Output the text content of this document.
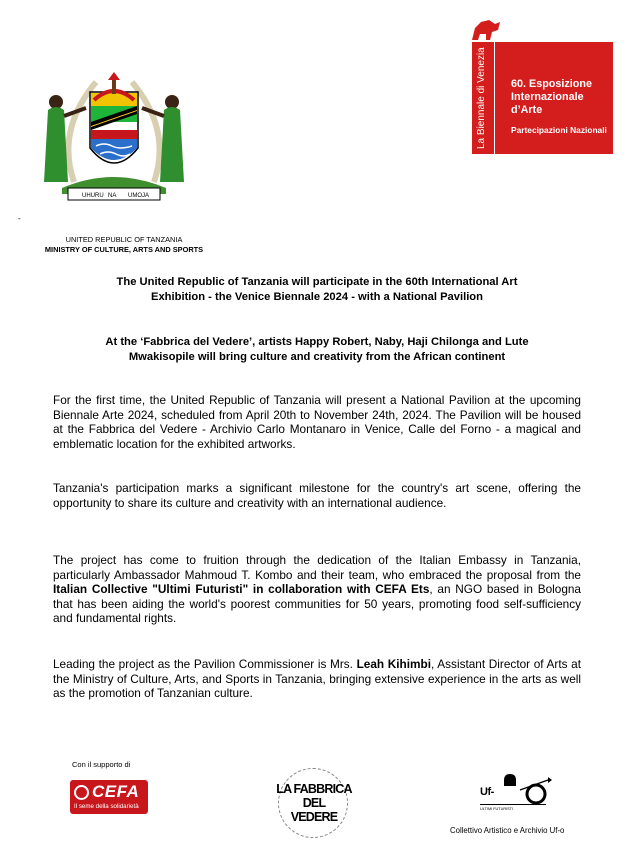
UHURU NA UMOJA
-
UNITED REPUBLIC OF TANZANIA
MINISTRY OF CULTURE, ARTS AND SPORTS
La Biennale di Venezia 60. Esposizione
Internazionale
d’Arte
Partecipazioni Nazionali
The United Republic of Tanzania will participate in the 60th International Art
Exhibition - the Venice Biennale 2024 - with a National Pavilion
At the ‘Fabbrica del Vedere’, artists Happy Robert, Naby, Haji Chilonga and Lute
Mwakisopile will bring culture and creativity from the African continent
For the first time, the United Republic of Tanzania will present a National Pavilion at the upcoming Biennale Arte 2024, scheduled from April 20th to November 24th, 2024. The Pavilion will be housed at the Fabbrica del Vedere - Archivio Carlo Montanaro in Venice, Calle del Forno - a magical and emblematic location for the exhibited artworks.
Tanzania's participation marks a significant milestone for the country's art scene, offering the opportunity to share its culture and creativity with an international audience.
The project has come to fruition through the dedication of the Italian Embassy in Tanzania, particularly Ambassador Mahmoud T. Kombo and their team, who embraced the proposal from the Italian Collective "Ultimi Futuristi" in collaboration with CEFA Ets, an NGO based in Bologna that has been aiding the world's poorest communities for 50 years, promoting food self-sufficiency and fundamental rights.
Leading the project as the Pavilion Commissioner is Mrs. Leah Kihimbi, Assistant Director of Arts at the Ministry of Culture, Arts, and Sports in Tanzania, bringing extensive experience in the arts as well as the promotion of Tanzanian culture.
Con il supporto di
CEFA
Il seme della solidarietà
LA FABBRICA
DEL
VEDERE
Uf-
ULTIMI FUTURISTI
Collettivo Artistico e Archivio Uf-o
